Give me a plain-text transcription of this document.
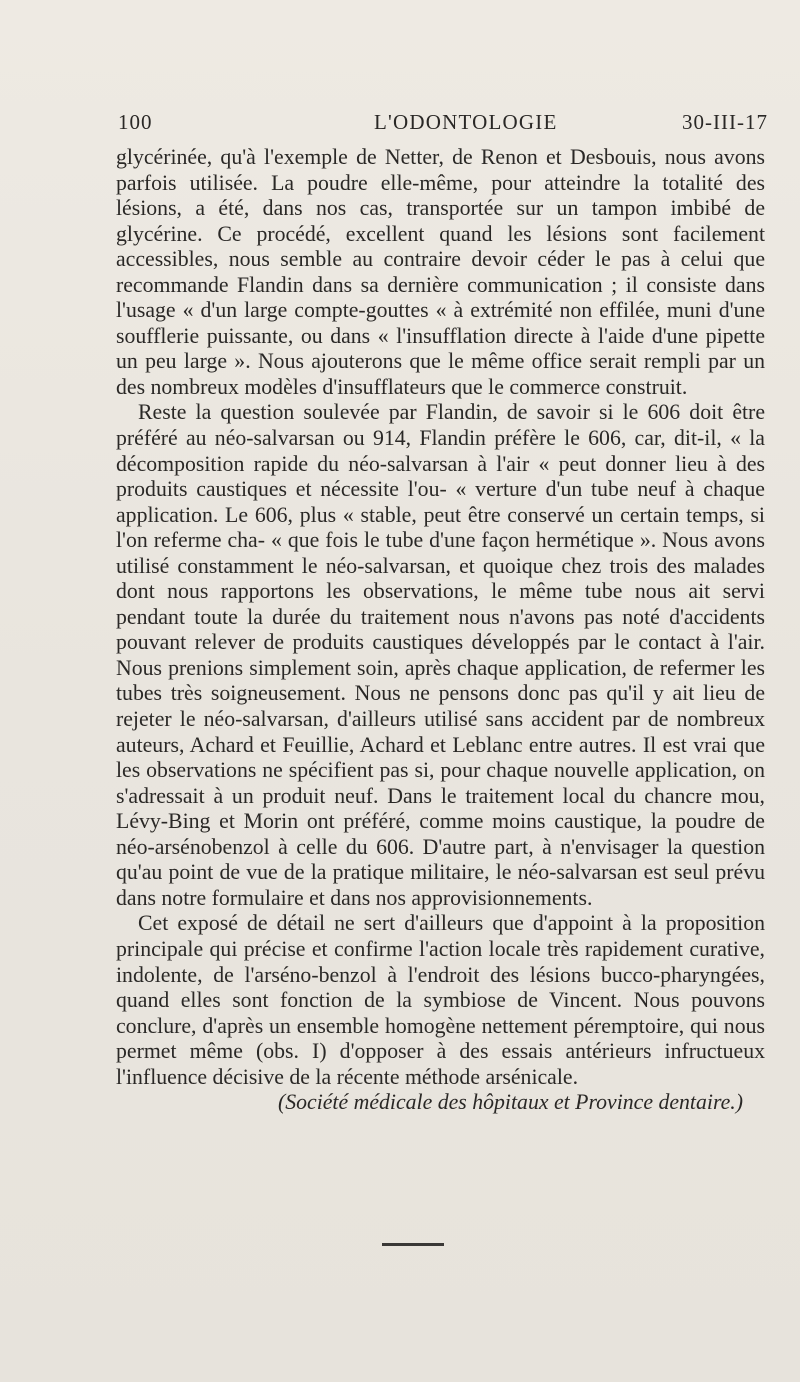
100	L'ODONTOLOGIE	30-III-17

glycérinée, qu'à l'exemple de Netter, de Renon et Desbouis, nous avons parfois utilisée. La poudre elle-même, pour atteindre la totalité des lésions, a été, dans nos cas, transportée sur un tampon imbibé de glycérine. Ce procédé, excellent quand les lésions sont facilement accessibles, nous semble au contraire devoir céder le pas à celui que recommande Flandin dans sa dernière communication ; il consiste dans l'usage « d'un large compte-gouttes « à extrémité non effilée, muni d'une soufflerie puissante, ou dans « l'insufflation directe à l'aide d'une pipette un peu large ». Nous ajouterons que le même office serait rempli par un des nombreux modèles d'insufflateurs que le commerce construit.

Reste la question soulevée par Flandin, de savoir si le 606 doit être préféré au néo-salvarsan ou 914, Flandin préfère le 606, car, dit-il, « la décomposition rapide du néo-salvarsan à l'air « peut donner lieu à des produits caustiques et nécessite l'ou- « verture d'un tube neuf à chaque application. Le 606, plus « stable, peut être conservé un certain temps, si l'on referme cha- « que fois le tube d'une façon hermétique ». Nous avons utilisé constamment le néo-salvarsan, et quoique chez trois des malades dont nous rapportons les observations, le même tube nous ait servi pendant toute la durée du traitement nous n'avons pas noté d'accidents pouvant relever de produits caustiques développés par le contact à l'air. Nous prenions simplement soin, après chaque application, de refermer les tubes très soigneusement. Nous ne pensons donc pas qu'il y ait lieu de rejeter le néo-salvarsan, d'ailleurs utilisé sans accident par de nombreux auteurs, Achard et Feuillie, Achard et Leblanc entre autres. Il est vrai que les observations ne spécifient pas si, pour chaque nouvelle application, on s'adressait à un produit neuf. Dans le traitement local du chancre mou, Lévy-Bing et Morin ont préféré, comme moins caustique, la poudre de néo-arsénobenzol à celle du 606. D'autre part, à n'envisager la question qu'au point de vue de la pratique militaire, le néo-salvarsan est seul prévu dans notre formulaire et dans nos approvisionnements.

Cet exposé de détail ne sert d'ailleurs que d'appoint à la proposition principale qui précise et confirme l'action locale très rapidement curative, indolente, de l'arséno-benzol à l'endroit des lésions bucco-pharyngées, quand elles sont fonction de la symbiose de Vincent. Nous pouvons conclure, d'après un ensemble homogène nettement péremptoire, qui nous permet même (obs. I) d'opposer à des essais antérieurs infructueux l'influence décisive de la récente méthode arsénicale.

(Société médicale des hôpitaux et Province dentaire.)
